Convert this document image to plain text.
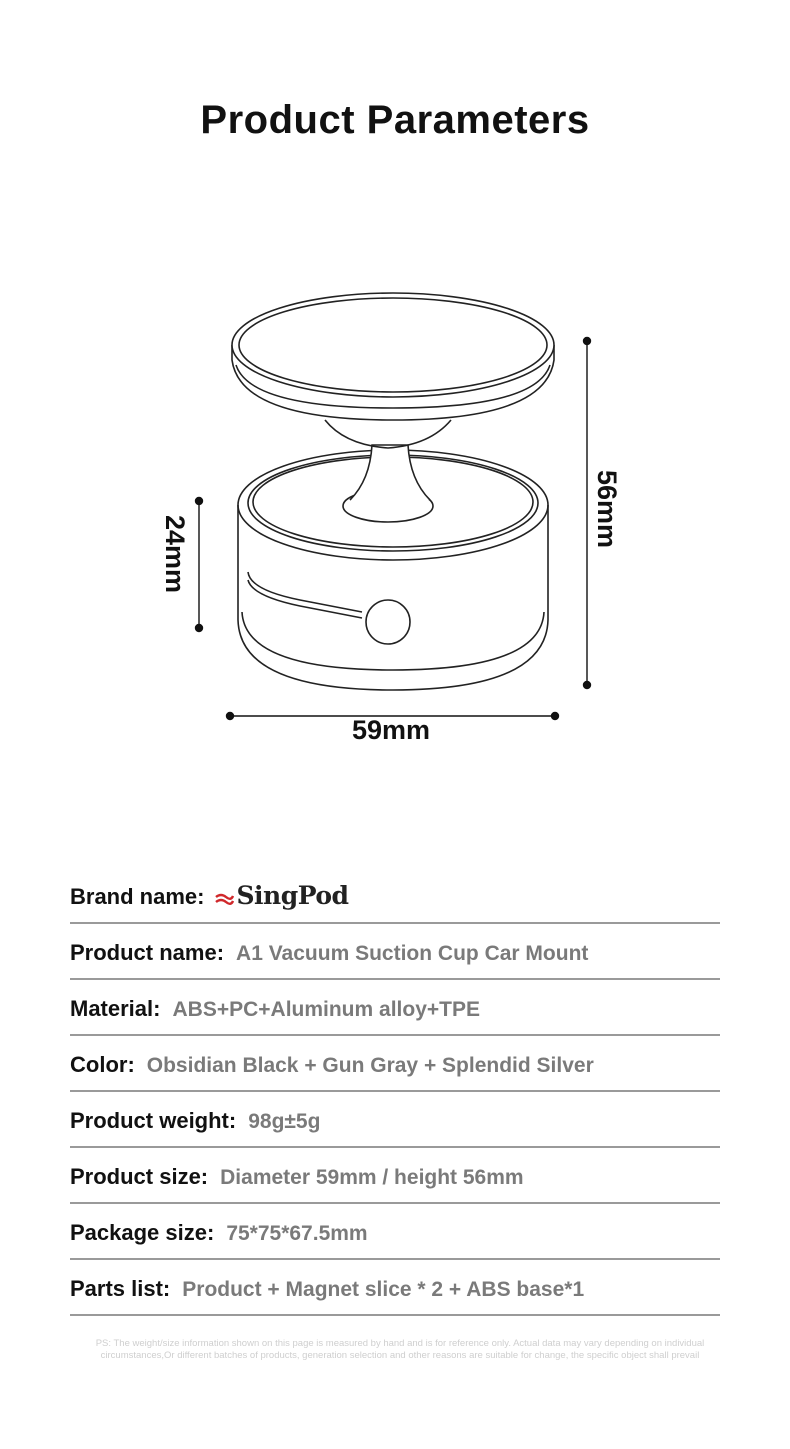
Product Parameters
59mm
56mm
24mm
Brand name: SingPod
Product name: A1 Vacuum Suction Cup Car Mount
Material: ABS+PC+Aluminum alloy+TPE
Color: Obsidian Black + Gun Gray + Splendid Silver
Product weight: 98g±5g
Product size: Diameter 59mm / height 56mm
Package size: 75*75*67.5mm
Parts list: Product + Magnet slice * 2 + ABS base*1
PS: The weight/size information shown on this page is measured by hand and is for reference only. Actual data may vary depending on individual circumstances,Or different batches of products, generation selection and other reasons are suitable for change, the specific object shall prevail
